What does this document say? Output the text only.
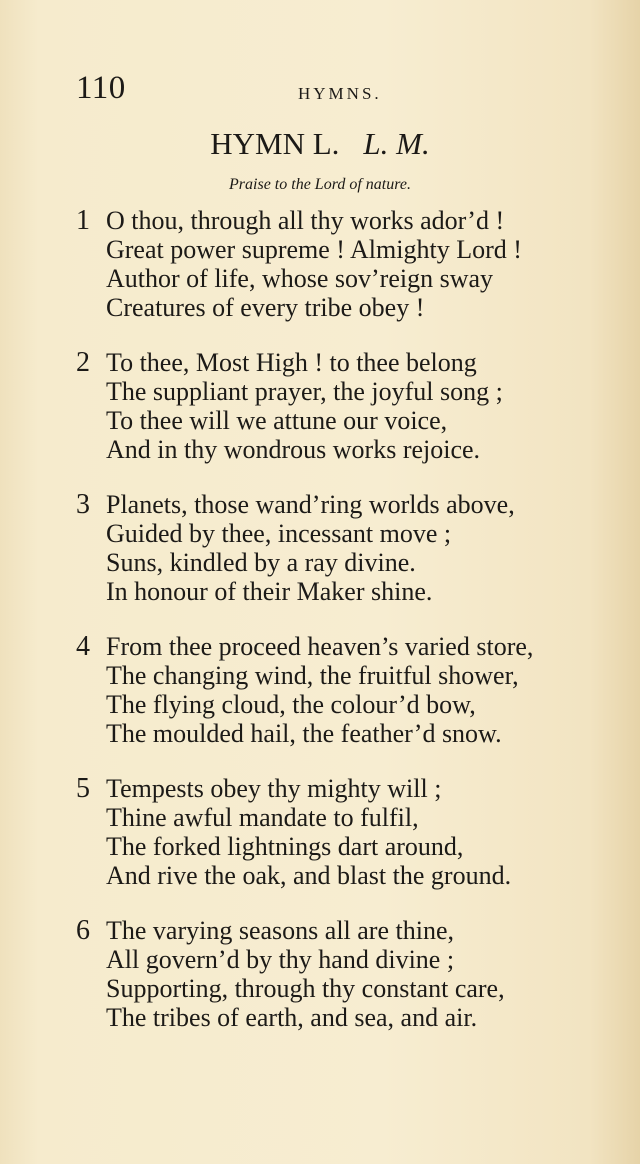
110	HYMNS.
HYMN L. L. M.
Praise to the Lord of nature.
1 O thou, through all thy works ador’d !
Great power supreme ! Almighty Lord !
Author of life, whose sov’reign sway
Creatures of every tribe obey !
2 To thee, Most High ! to thee belong
The suppliant prayer, the joyful song ;
To thee will we attune our voice,
And in thy wondrous works rejoice.
3 Planets, those wand’ring worlds above,
Guided by thee, incessant move ;
Suns, kindled by a ray divine.
In honour of their Maker shine.
4 From thee proceed heaven’s varied store,
The changing wind, the fruitful shower,
The flying cloud, the colour’d bow,
The moulded hail, the feather’d snow.
5 Tempests obey thy mighty will ;
Thine awful mandate to fulfil,
The forked lightnings dart around,
And rive the oak, and blast the ground.
6 The varying seasons all are thine,
All govern’d by thy hand divine ;
Supporting, through thy constant care,
The tribes of earth, and sea, and air.
